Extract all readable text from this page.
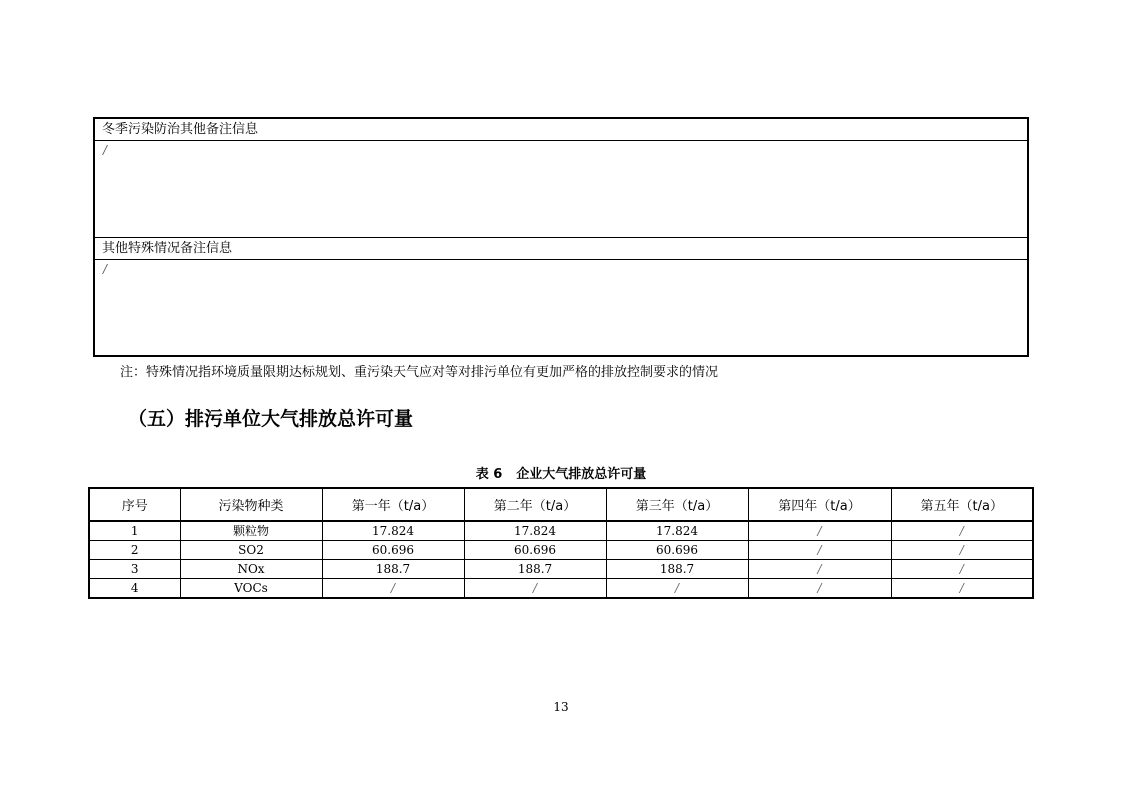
冬季污染防治其他备注信息
/
其他特殊情况备注信息
/
注：特殊情况指环境质量限期达标规划、重污染天气应对等对排污单位有更加严格的排放控制要求的情况
（五）排污单位大气排放总许可量
表 6 企业大气排放总许可量
序号	污染物种类	第一年（t/a）	第二年（t/a）	第三年（t/a）	第四年（t/a）	第五年（t/a）
1	颗粒物	17.824	17.824	17.824	/	/
2	SO2	60.696	60.696	60.696	/	/
3	NOx	188.7	188.7	188.7	/	/
4	VOCs	/	/	/	/	/
13
